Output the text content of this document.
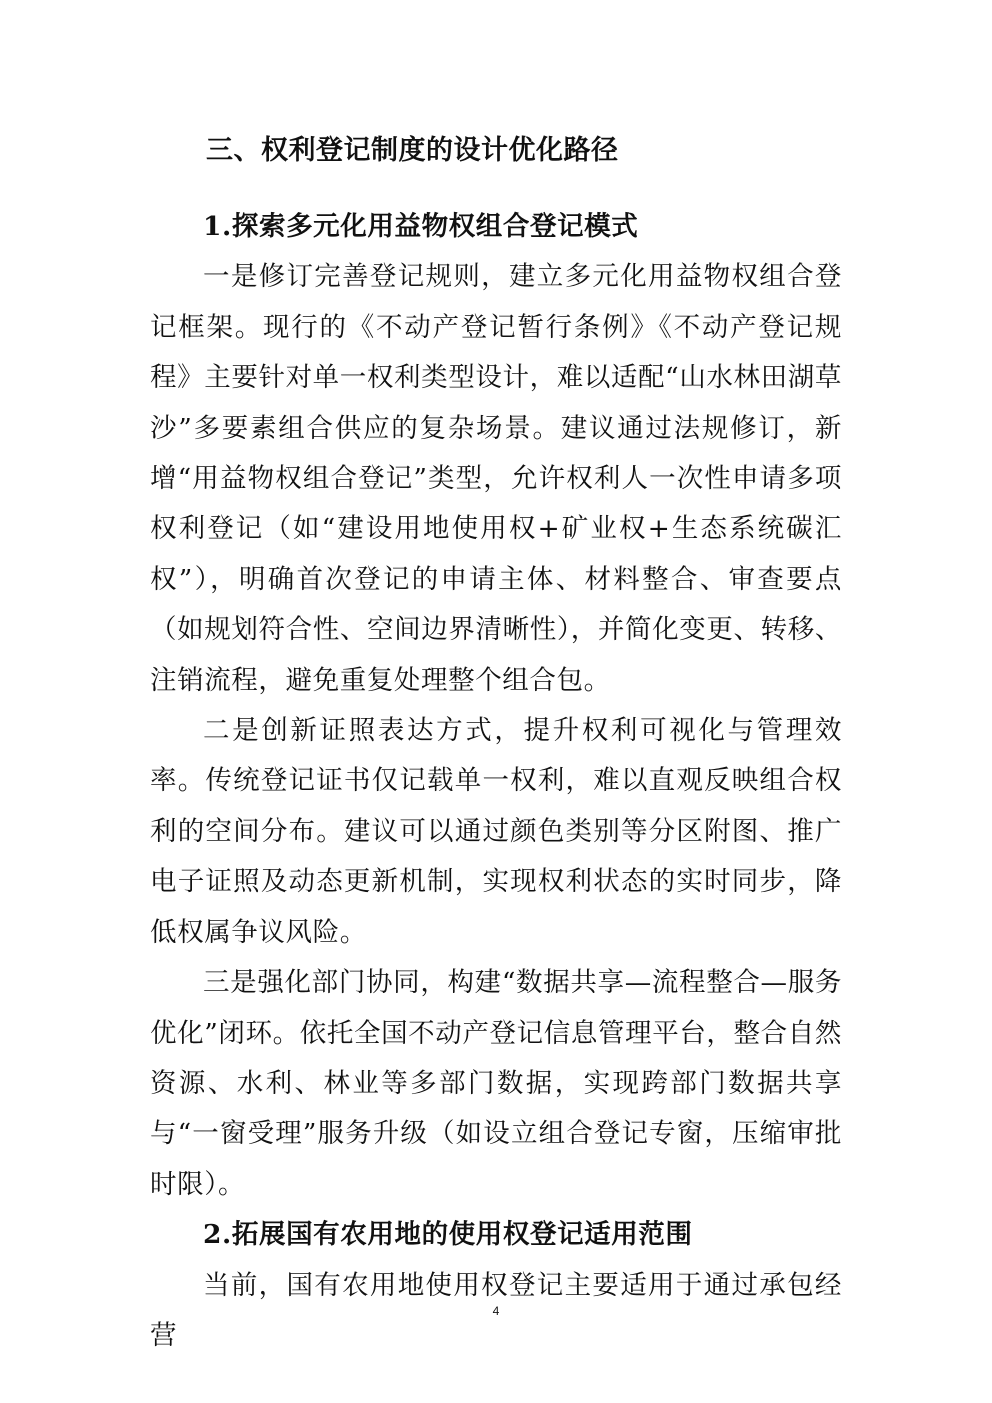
三、权利登记制度的设计优化路径

1.探索多元化用益物权组合登记模式

一是修订完善登记规则，建立多元化用益物权组合登记框架。现行的《不动产登记暂行条例》《不动产登记规程》主要针对单一权利类型设计，难以适配“山水林田湖草沙”多要素组合供应的复杂场景。建议通过法规修订，新增“用益物权组合登记”类型，允许权利人一次性申请多项权利登记（如“建设用地使用权+矿业权+生态系统碳汇权”），明确首次登记的申请主体、材料整合、审查要点（如规划符合性、空间边界清晰性），并简化变更、转移、注销流程，避免重复处理整个组合包。

二是创新证照表达方式，提升权利可视化与管理效率。传统登记证书仅记载单一权利，难以直观反映组合权利的空间分布。建议可以通过颜色类别等分区附图、推广电子证照及动态更新机制，实现权利状态的实时同步，降低权属争议风险。

三是强化部门协同，构建“数据共享—流程整合—服务优化”闭环。依托全国不动产登记信息管理平台，整合自然资源、水利、林业等多部门数据，实现跨部门数据共享与“一窗受理”服务升级（如设立组合登记专窗，压缩审批时限）。

2.拓展国有农用地的使用权登记适用范围

当前，国有农用地使用权登记主要适用于通过承包经营

4
